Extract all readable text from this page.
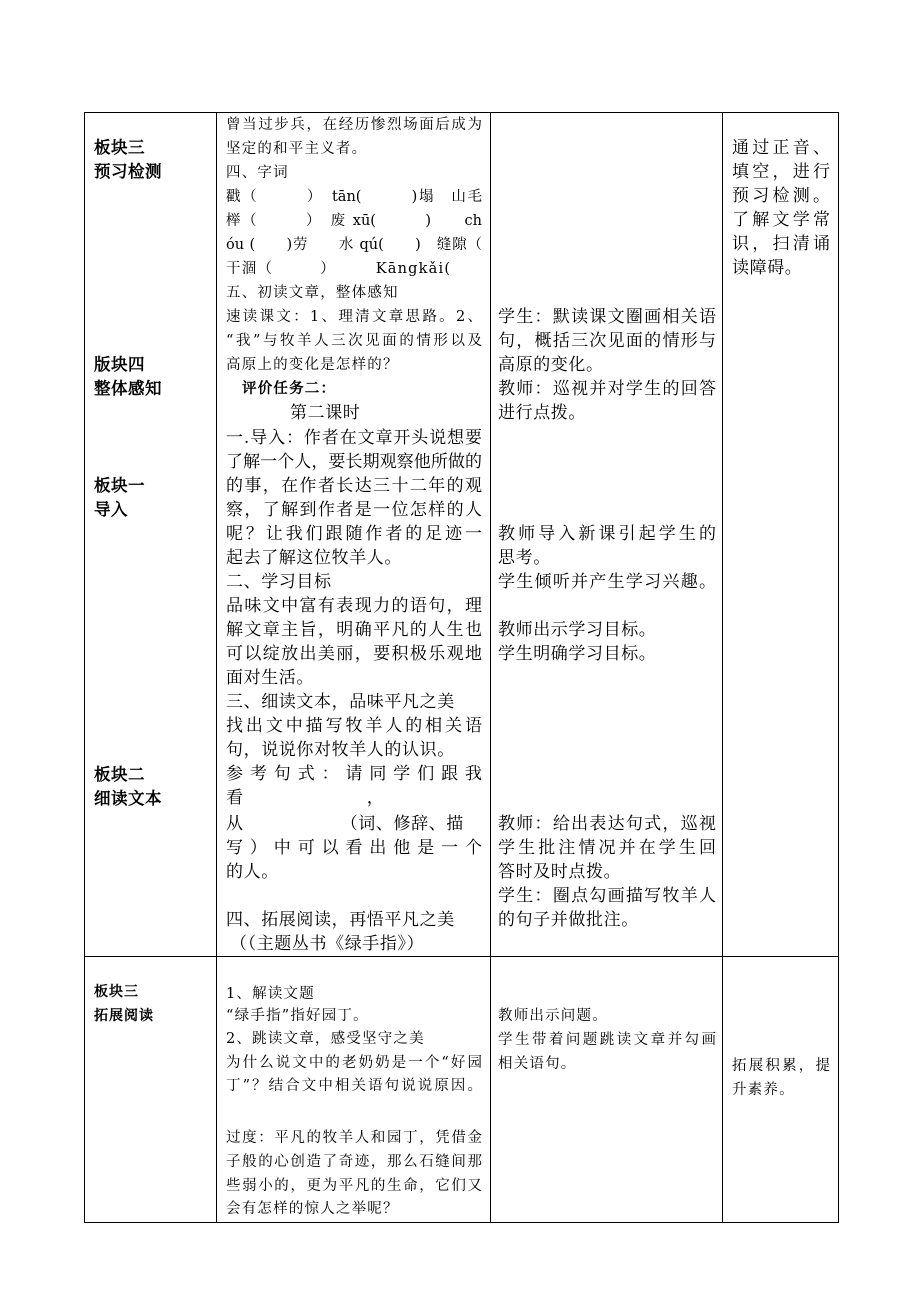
板块三
预习检测
版块四
整体感知
板块一
导入
板块二
细读文本
曾当过步兵，在经历惨烈场面后成为
坚定的和平主义者。
四、字词
戳（　　　）　tān(　　　)塌　山毛
榉（　　　）　废 xū(　　　)　　ch
óu (　　)劳　　水 qú(　　)　缝隙（
干涸（　　　）　　　Kāngkǎi(
五、初读文章，整体感知
速读课文：1、理清文章思路。2、
“我”与牧羊人三次见面的情形以及
高原上的变化是怎样的？
评价任务二：
第二课时
一.导入：作者在文章开头说想要
了解一个人，要长期观察他所做的
的事，在作者长达三十二年的观
察，了解到作者是一位怎样的人
呢？让我们跟随作者的足迹一
起去了解这位牧羊人。
二、学习目标
品味文中富有表现力的语句，理
解文章主旨，明确平凡的人生也
可以绽放出美丽，要积极乐观地
面对生活。
三、细读文本，品味平凡之美
找出文中描写牧羊人的相关语
句，说说你对牧羊人的认识。
参考句式：请同学们跟我
看　　　　　　　，
从　　　　　　（词、修辞、描
写）中可以看出他是一个
的人。
四、拓展阅读，再悟平凡之美
（（主题丛书《绿手指》）
学生：默读课文圈画相关语
句，概括三次见面的情形与
高原的变化。
教师：巡视并对学生的回答
进行点拨。
教师导入新课引起学生的
思考。
学生倾听并产生学习兴趣。
教师出示学习目标。
学生明确学习目标。
教师：给出表达句式，巡视
学生批注情况并在学生回
答时及时点拨。
学生：圈点勾画描写牧羊人
的句子并做批注。
通过正音、
填空，进行
预习检测。
了解文学常
识，扫清诵
读障碍。
板块三
拓展阅读
1、解读文题
“绿手指”指好园丁。
2、跳读文章，感受坚守之美
为什么说文中的老奶奶是一个“好园
丁”？结合文中相关语句说说原因。
过度：平凡的牧羊人和园丁，凭借金
子般的心创造了奇迹，那么石缝间那
些弱小的，更为平凡的生命，它们又
会有怎样的惊人之举呢？
教师出示问题。
学生带着问题跳读文章并勾画
相关语句。	拓展积累，提
升素养。
